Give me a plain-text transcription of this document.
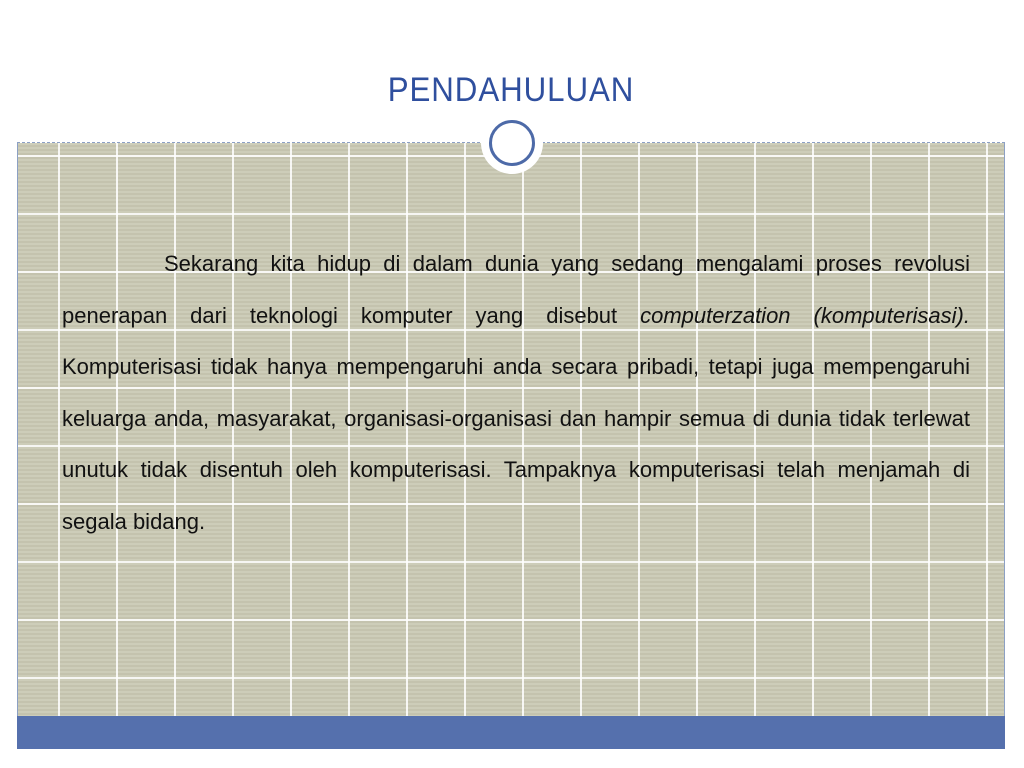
PENDAHULUAN

Sekarang kita hidup di dalam dunia yang sedang mengalami proses revolusi penerapan dari teknologi komputer yang disebut computerzation (komputerisasi). Komputerisasi tidak hanya mempengaruhi anda secara pribadi, tetapi juga mempengaruhi keluarga anda, masyarakat, organisasi-organisasi dan hampir semua di dunia tidak terlewat unutuk tidak disentuh oleh komputerisasi. Tampaknya komputerisasi telah menjamah di segala bidang.
